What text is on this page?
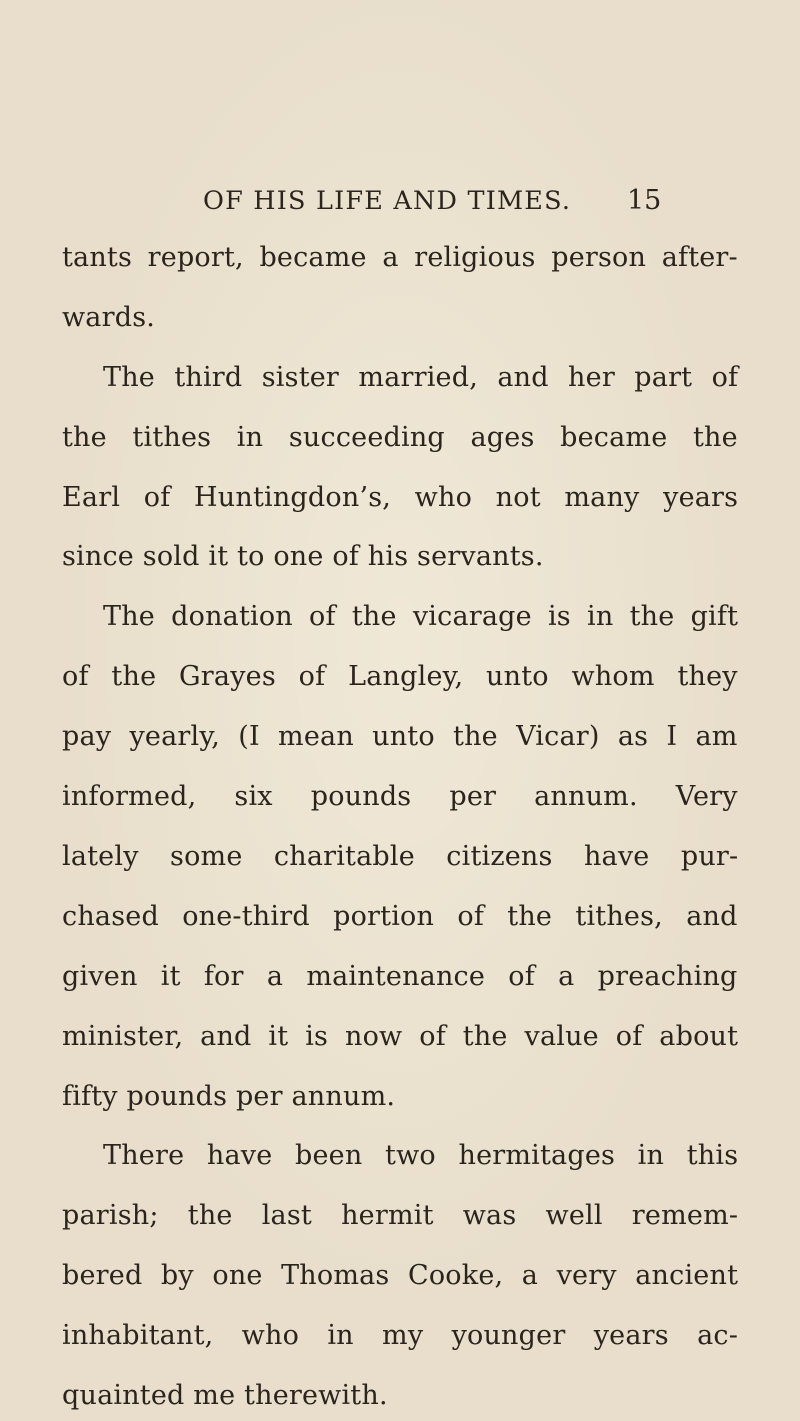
OF HIS LIFE AND TIMES. 15
tants report, became a religious person after-
wards.
The third sister married, and her part of
the tithes in succeeding ages became the
Earl of Huntingdon’s, who not many years
since sold it to one of his servants.
The donation of the vicarage is in the gift
of the Grayes of Langley, unto whom they
pay yearly, (I mean unto the Vicar) as I am
informed, six pounds per annum. Very
lately some charitable citizens have pur-
chased one-third portion of the tithes, and
given it for a maintenance of a preaching
minister, and it is now of the value of about
fifty pounds per annum.
There have been two hermitages in this
parish; the last hermit was well remem-
bered by one Thomas Cooke, a very ancient
inhabitant, who in my younger years ac-
quainted me therewith.
